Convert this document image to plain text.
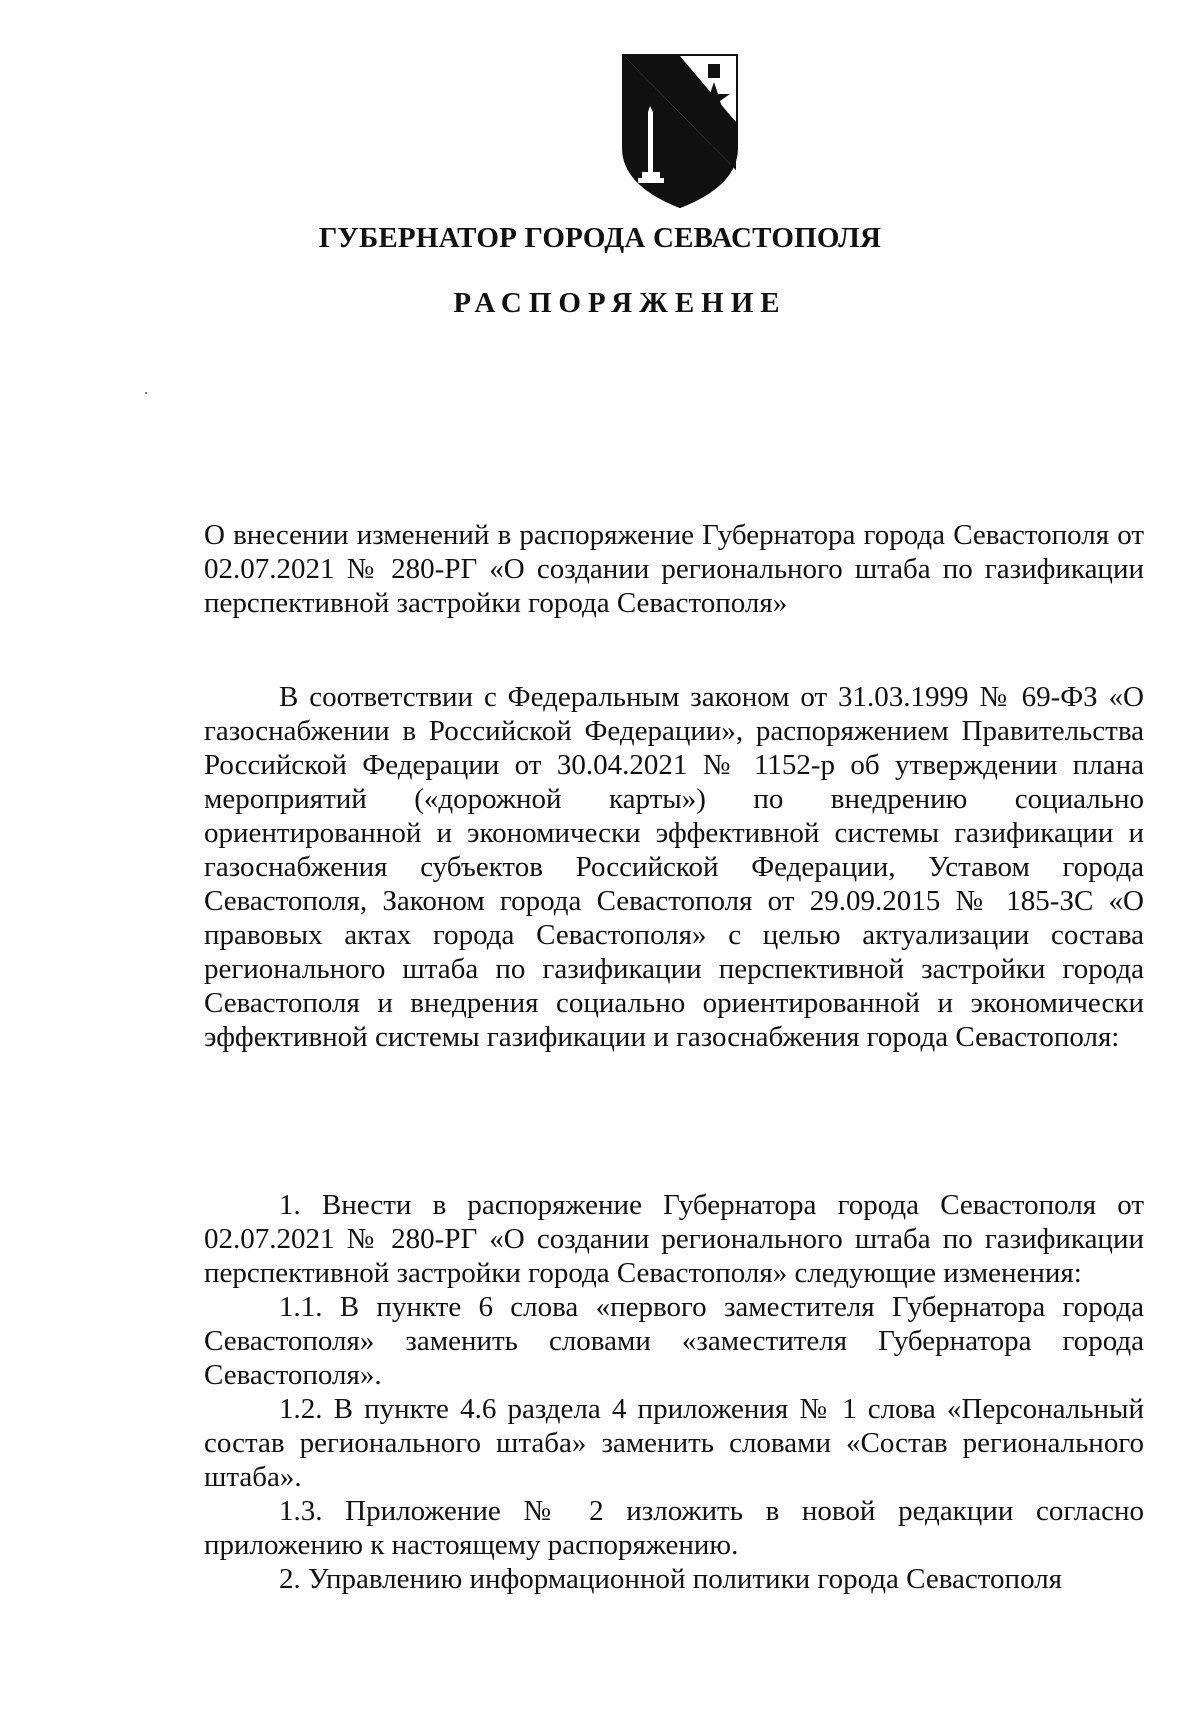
ГУБЕРНАТОР ГОРОДА СЕВАСТОПОЛЯ
РАСПОРЯЖЕНИЕ

О внесении изменений в распоряжение Губернатора города Севастополя от 02.07.2021 № 280-РГ «О создании регионального штаба по газификации перспективной застройки города Севастополя»

В соответствии с Федеральным законом от 31.03.1999 № 69-ФЗ «О газоснабжении в Российской Федерации», распоряжением Правительства Российской Федерации от 30.04.2021 № 1152-р об утверждении плана мероприятий («дорожной карты») по внедрению социально ориентированной и экономически эффективной системы газификации и газоснабжения субъектов Российской Федерации, Уставом города Севастополя, Законом города Севастополя от 29.09.2015 № 185-ЗС «О правовых актах города Севастополя» с целью актуализации состава регионального штаба по газификации перспективной застройки города Севастополя и внедрения социально ориентированной и экономически эффективной системы газификации и газоснабжения города Севастополя:

1. Внести в распоряжение Губернатора города Севастополя от 02.07.2021 № 280-РГ «О создании регионального штаба по газификации перспективной застройки города Севастополя» следующие изменения:

1.1. В пункте 6 слова «первого заместителя Губернатора города Севастополя» заменить словами «заместителя Губернатора города Севастополя».

1.2. В пункте 4.6 раздела 4 приложения № 1 слова «Персональный состав регионального штаба» заменить словами «Состав регионального штаба».

1.3. Приложение № 2 изложить в новой редакции согласно приложению к настоящему распоряжению.

2. Управлению информационной политики города Севастополя
